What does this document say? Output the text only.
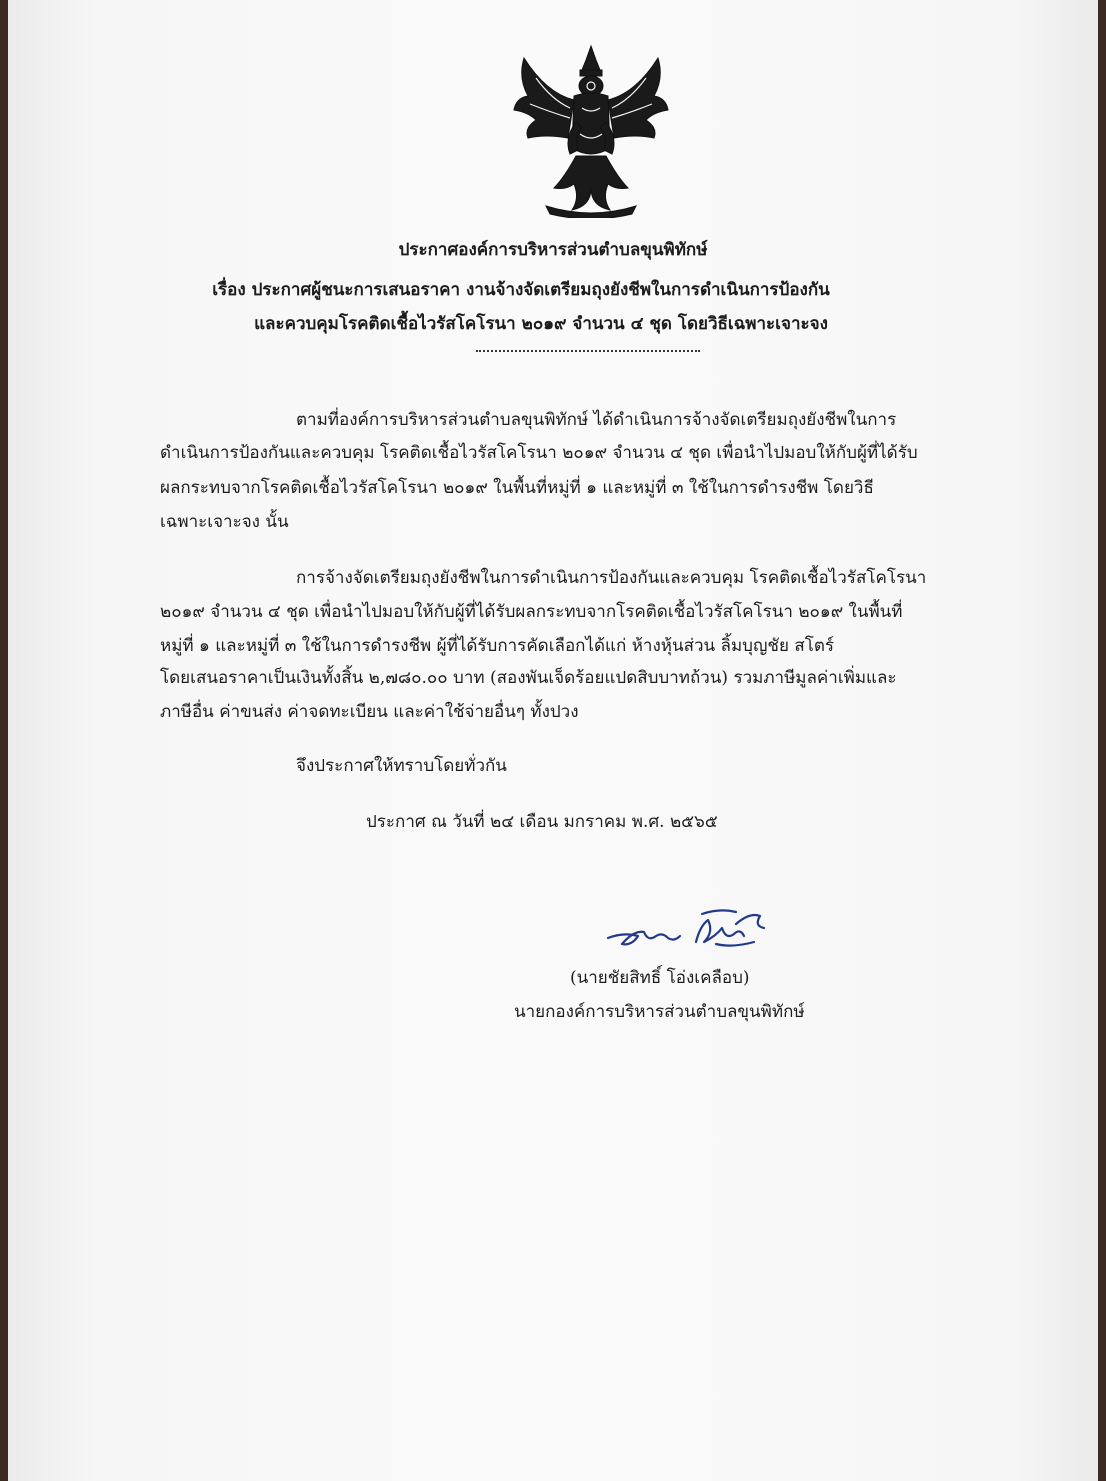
ประกาศองค์การบริหารส่วนตำบลขุนพิทักษ์
เรื่อง ประกาศผู้ชนะการเสนอราคา งานจ้างจัดเตรียมถุงยังชีพในการดำเนินการป้องกัน
และควบคุมโรคติดเชื้อไวรัสโคโรนา ๒๐๑๙ จำนวน ๔ ชุด โดยวิธีเฉพาะเจาะจง
ตามที่องค์การบริหารส่วนตำบลขุนพิทักษ์ ได้ดำเนินการจ้างจัดเตรียมถุงยังชีพในการ
ดำเนินการป้องกันและควบคุม โรคติดเชื้อไวรัสโคโรนา ๒๐๑๙ จำนวน ๔ ชุด เพื่อนำไปมอบให้กับผู้ที่ได้รับ
ผลกระทบจากโรคติดเชื้อไวรัสโคโรนา ๒๐๑๙ ในพื้นที่หมู่ที่ ๑ และหมู่ที่ ๓ ใช้ในการดำรงชีพ โดยวิธี
เฉพาะเจาะจง นั้น
การจ้างจัดเตรียมถุงยังชีพในการดำเนินการป้องกันและควบคุม โรคติดเชื้อไวรัสโคโรนา
๒๐๑๙ จำนวน ๔ ชุด เพื่อนำไปมอบให้กับผู้ที่ได้รับผลกระทบจากโรคติดเชื้อไวรัสโคโรนา ๒๐๑๙ ในพื้นที่
หมู่ที่ ๑ และหมู่ที่ ๓ ใช้ในการดำรงชีพ ผู้ที่ได้รับการคัดเลือกได้แก่ ห้างหุ้นส่วน ลิ้มบุญชัย สโตร์
โดยเสนอราคาเป็นเงินทั้งสิ้น ๒,๗๘๐.๐๐ บาท (สองพันเจ็ดร้อยแปดสิบบาทถ้วน) รวมภาษีมูลค่าเพิ่มและ
ภาษีอื่น ค่าขนส่ง ค่าจดทะเบียน และค่าใช้จ่ายอื่นๆ ทั้งปวง
จึงประกาศให้ทราบโดยทั่วกัน
ประกาศ ณ วันที่ ๒๔ เดือน มกราคม พ.ศ. ๒๕๖๕
(นายชัยสิทธิ์ โอ่งเคลือบ)
นายกองค์การบริหารส่วนตำบลขุนพิทักษ์
